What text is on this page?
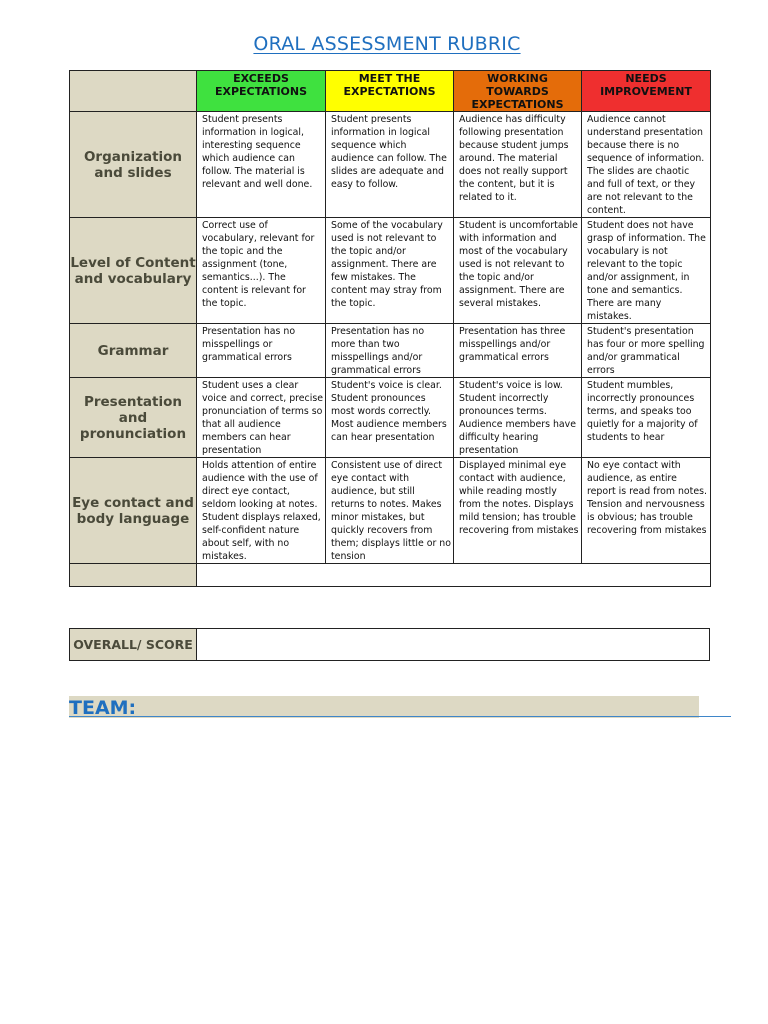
ORAL ASSESSMENT RUBRIC
	EXCEEDS EXPECTATIONS	MEET THE EXPECTATIONS	WORKING TOWARDS EXPECTATIONS	NEEDS IMPROVEMENT
Organization and slides	Student presents information in logical, interesting sequence which audience can follow. The material is relevant and well done.	Student presents information in logical sequence which audience can follow. The slides are adequate and easy to follow.	Audience has difficulty following presentation because student jumps around. The material does not really support the content, but it is related to it.	Audience cannot understand presentation because there is no sequence of information. The slides are chaotic and full of text, or they are not relevant to the content.
Level of Content and vocabulary	Correct use of vocabulary, relevant for the topic and the assignment (tone, semantics...). The content is relevant for the topic.	Some of the vocabulary used is not relevant to the topic and/or assignment. There are few mistakes. The content may stray from the topic.	Student is uncomfortable with information and most of the vocabulary used is not relevant to the topic and/or assignment. There are several mistakes.	Student does not have grasp of information. The vocabulary is not relevant to the topic and/or assignment, in tone and semantics. There are many mistakes.
Grammar	Presentation has no misspellings or grammatical errors	Presentation has no more than two misspellings and/or grammatical errors	Presentation has three misspellings and/or grammatical errors	Student's presentation has four or more spelling and/or grammatical errors
Presentation and pronunciation	Student uses a clear voice and correct, precise pronunciation of terms so that all audience members can hear presentation	Student's voice is clear. Student pronounces most words correctly. Most audience members can hear presentation	Student's voice is low. Student incorrectly pronounces terms. Audience members have difficulty hearing presentation	Student mumbles, incorrectly pronounces terms, and speaks too quietly for a majority of students to hear
Eye contact and body language	Holds attention of entire audience with the use of direct eye contact, seldom looking at notes. Student displays relaxed, self-confident nature about self, with no mistakes.	Consistent use of direct eye contact with audience, but still returns to notes. Makes minor mistakes, but quickly recovers from them; displays little or no tension	Displayed minimal eye contact with audience, while reading mostly from the notes. Displays mild tension; has trouble recovering from mistakes	No eye contact with audience, as entire report is read from notes. Tension and nervousness is obvious; has trouble recovering from mistakes

OVERALL/ SCORE	
TEAM:
